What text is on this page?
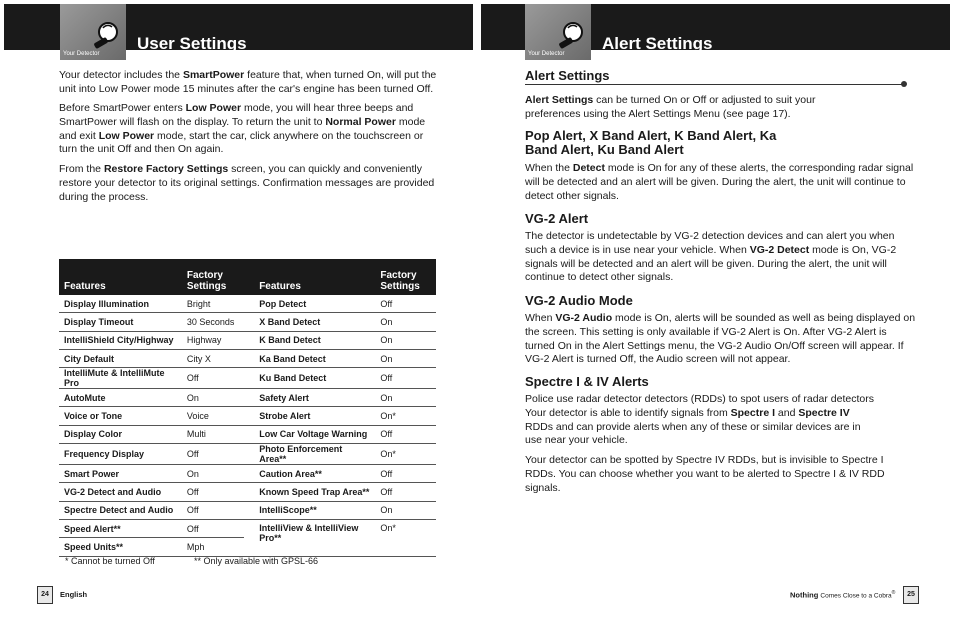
Your Detector
User Settings
Your detector includes the SmartPower feature that, when turned On, will put the unit into Low Power mode 15 minutes after the car's engine has been turned Off.
Before SmartPower enters Low Power mode, you will hear three beeps and SmartPower will flash on the display. To return the unit to Normal Power mode and exit Low Power mode, start the car, click anywhere on the touchscreen or turn the unit Off and then On again.
From the Restore Factory Settings screen, you can quickly and conveniently restore your detector to its original settings. Confirmation messages are provided during the process.
Features	Factory Settings		Features	Factory Settings
Display Illumination	Bright		Pop Detect	Off
Display Timeout	30 Seconds		X Band Detect	On
IntelliShield City/Highway	Highway		K Band Detect	On
City Default	City X		Ka Band Detect	On
IntelliMute & IntelliMute Pro	Off		Ku Band Detect	Off
AutoMute	On		Safety Alert	On
Voice or Tone	Voice		Strobe Alert	On*
Display Color	Multi		Low Car Voltage Warning	Off
Frequency Display	Off		Photo Enforcement Area**	On*
Smart Power	On		Caution Area**	Off
VG-2 Detect and Audio	Off		Known Speed Trap Area**	Off
Spectre Detect and Audio	Off		IntelliScope**	On
Speed Alert**	Off		IntelliView & IntelliView Pro**	On*
Speed Units**	Mph			
* Cannot be turned Off	** Only available with GPSL-66
24	English
Your Detector
Alert Settings
Alert Settings
Alert Settings can be turned On or Off or adjusted to suit your preferences using the Alert Settings Menu (see page 17).
Pop Alert, X Band Alert, K Band Alert, Ka Band Alert, Ku Band Alert
When the Detect mode is On for any of these alerts, the corresponding radar signal will be detected and an alert will be given. During the alert, the unit will continue to detect other signals.
VG-2 Alert
The detector is undetectable by VG-2 detection devices and can alert you when such a device is in use near your vehicle. When VG-2 Detect mode is On, VG-2 signals will be detected and an alert will be given. During the alert, the unit will continue to detect other signals.
VG-2 Audio Mode
When VG-2 Audio mode is On, alerts will be sounded as well as being displayed on the screen. This setting is only available if VG-2 Alert is On. After VG-2 Alert is turned On in the Alert Settings menu, the VG-2 Audio On/Off screen will appear. If VG-2 Alert is turned Off, the Audio screen will not appear.
Spectre I & IV Alerts
Police use radar detector detectors (RDDs) to spot users of radar detectors Your detector is able to identify signals from Spectre I and Spectre IV RDDs and can provide alerts when any of these or similar devices are in use near your vehicle.
Your detector can be spotted by Spectre IV RDDs, but is invisible to Spectre I RDDs. You can choose whether you want to be alerted to Spectre I & IV RDD signals.
Nothing Comes Close to a Cobra®	25
